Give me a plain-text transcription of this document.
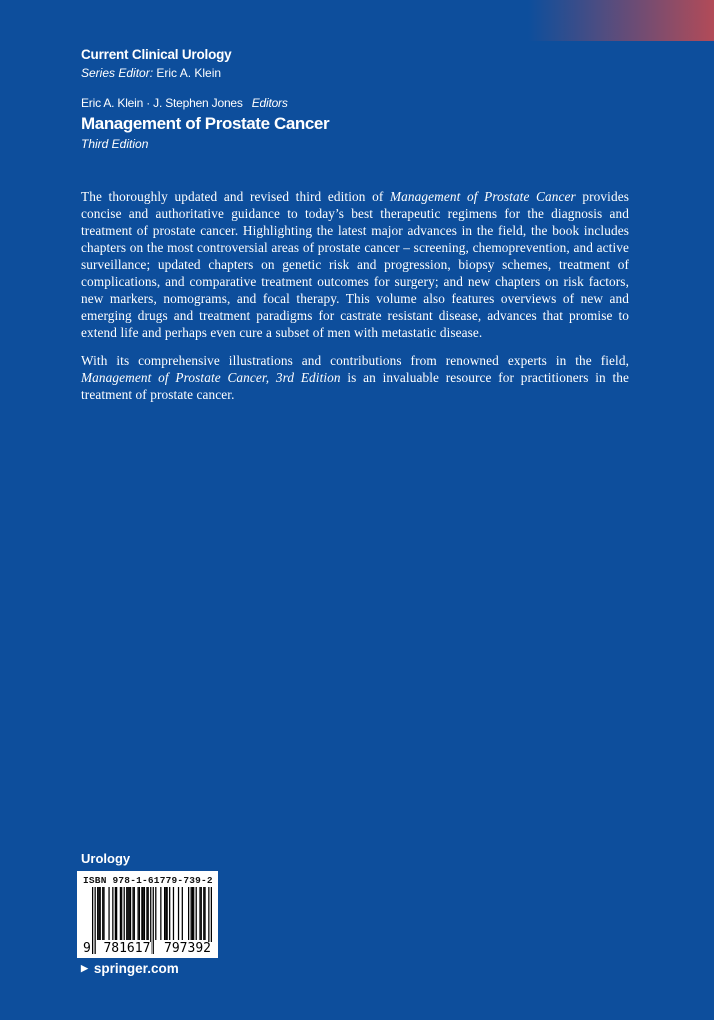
Current Clinical Urology
Series Editor: Eric A. Klein
Eric A. Klein · J. Stephen Jones Editors
Management of Prostate Cancer
Third Edition

The thoroughly updated and revised third edition of Management of Prostate Cancer provides concise and authoritative guidance to today’s best therapeutic regimens for the diagnosis and treatment of prostate cancer. Highlighting the latest major advances in the field, the book includes chapters on the most controversial areas of prostate cancer – screening, chemoprevention, and active surveillance; updated chapters on genetic risk and progression, biopsy schemes, treatment of complications, and comparative treatment outcomes for surgery; and new chapters on risk factors, new markers, nomograms, and focal therapy. This volume also features overviews of new and emerging drugs and treatment paradigms for castrate resistant disease, advances that promise to extend life and perhaps even cure a subset of men with metastatic disease.

With its comprehensive illustrations and contributions from renowned experts in the field, Management of Prostate Cancer, 3rd Edition is an invaluable resource for practitioners in the treatment of prostate cancer.

Urology
ISBN 978-1-61779-739-2
9 781617 797392
▶ springer.com
